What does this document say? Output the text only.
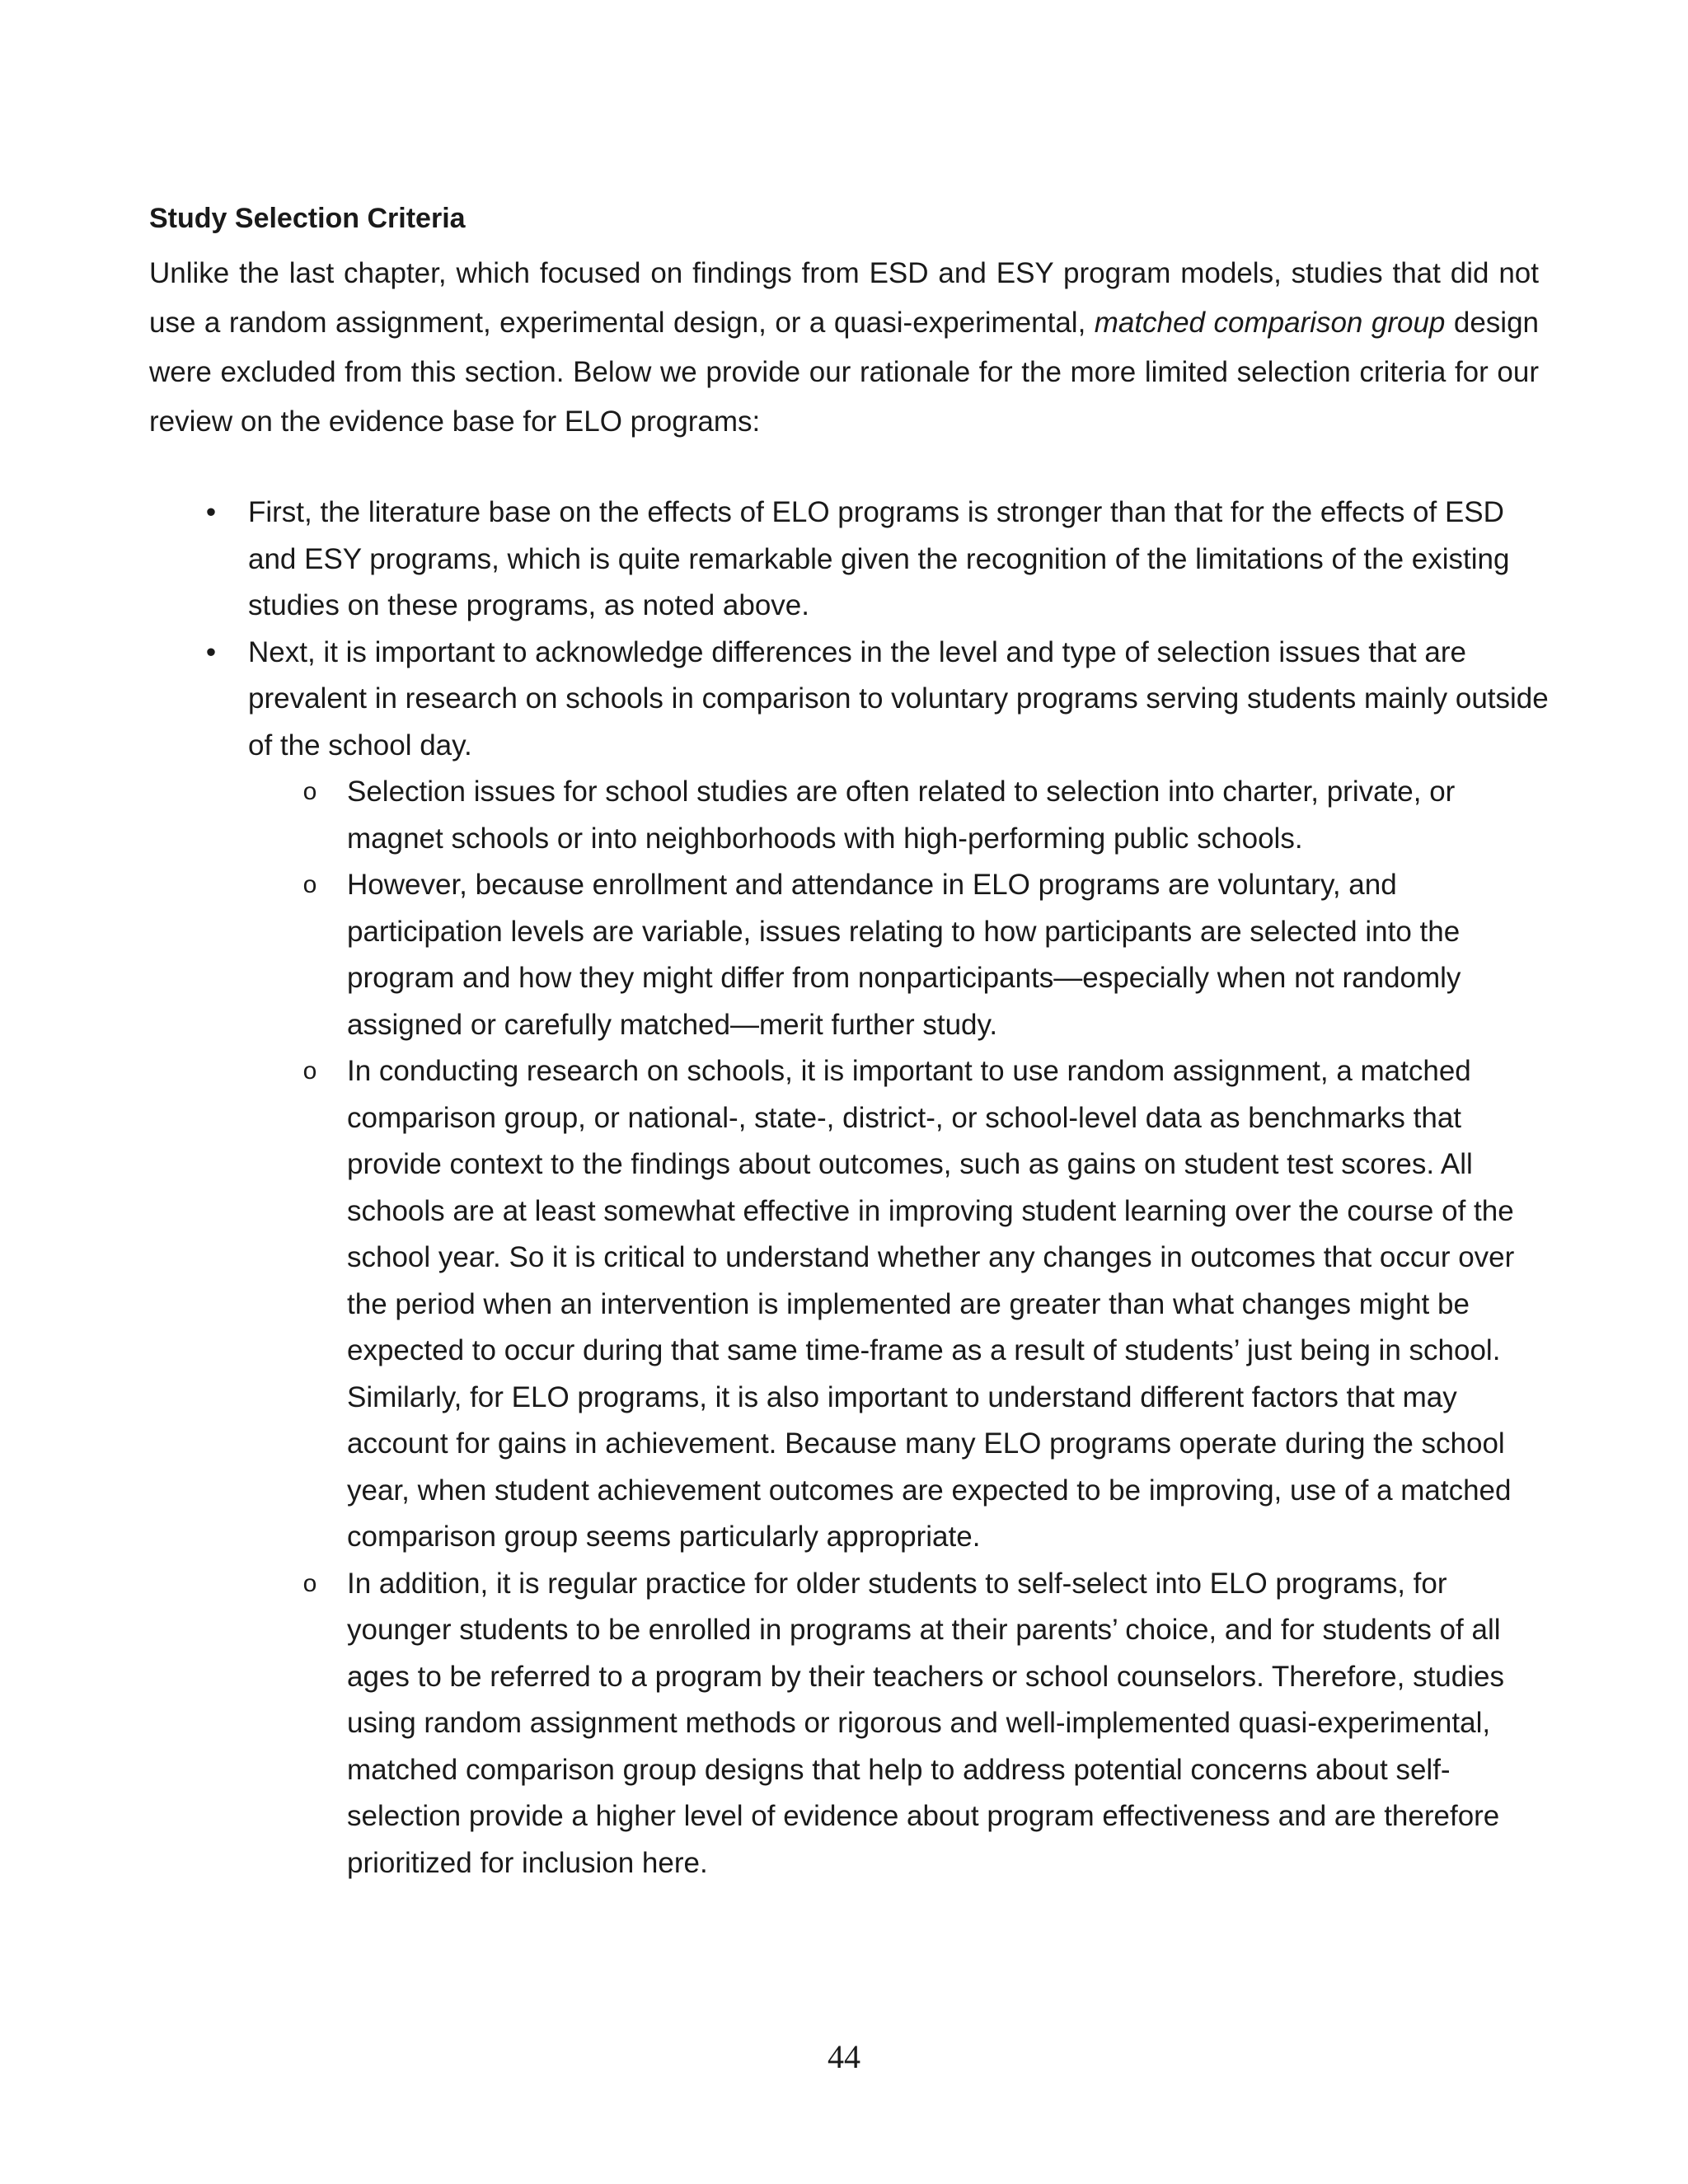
Study Selection Criteria

Unlike the last chapter, which focused on findings from ESD and ESY program models, studies that did not use a random assignment, experimental design, or a quasi-experimental, matched comparison group design were excluded from this section. Below we provide our rationale for the more limited selection criteria for our review on the evidence base for ELO programs:

• First, the literature base on the effects of ELO programs is stronger than that for the effects of ESD and ESY programs, which is quite remarkable given the recognition of the limitations of the existing studies on these programs, as noted above.
• Next, it is important to acknowledge differences in the level and type of selection issues that are prevalent in research on schools in comparison to voluntary programs serving students mainly outside of the school day.
o Selection issues for school studies are often related to selection into charter, private, or magnet schools or into neighborhoods with high-performing public schools.
o However, because enrollment and attendance in ELO programs are voluntary, and participation levels are variable, issues relating to how participants are selected into the program and how they might differ from nonparticipants—especially when not randomly assigned or carefully matched—merit further study.
o In conducting research on schools, it is important to use random assignment, a matched comparison group, or national-, state-, district-, or school-level data as benchmarks that provide context to the findings about outcomes, such as gains on student test scores. All schools are at least somewhat effective in improving student learning over the course of the school year. So it is critical to understand whether any changes in outcomes that occur over the period when an intervention is implemented are greater than what changes might be expected to occur during that same time-frame as a result of students’ just being in school. Similarly, for ELO programs, it is also important to understand different factors that may account for gains in achievement. Because many ELO programs operate during the school year, when student achievement outcomes are expected to be improving, use of a matched comparison group seems particularly appropriate.
o In addition, it is regular practice for older students to self-select into ELO programs, for younger students to be enrolled in programs at their parents’ choice, and for students of all ages to be referred to a program by their teachers or school counselors. Therefore, studies using random assignment methods or rigorous and well-implemented quasi-experimental, matched comparison group designs that help to address potential concerns about self-selection provide a higher level of evidence about program effectiveness and are therefore prioritized for inclusion here.

44
